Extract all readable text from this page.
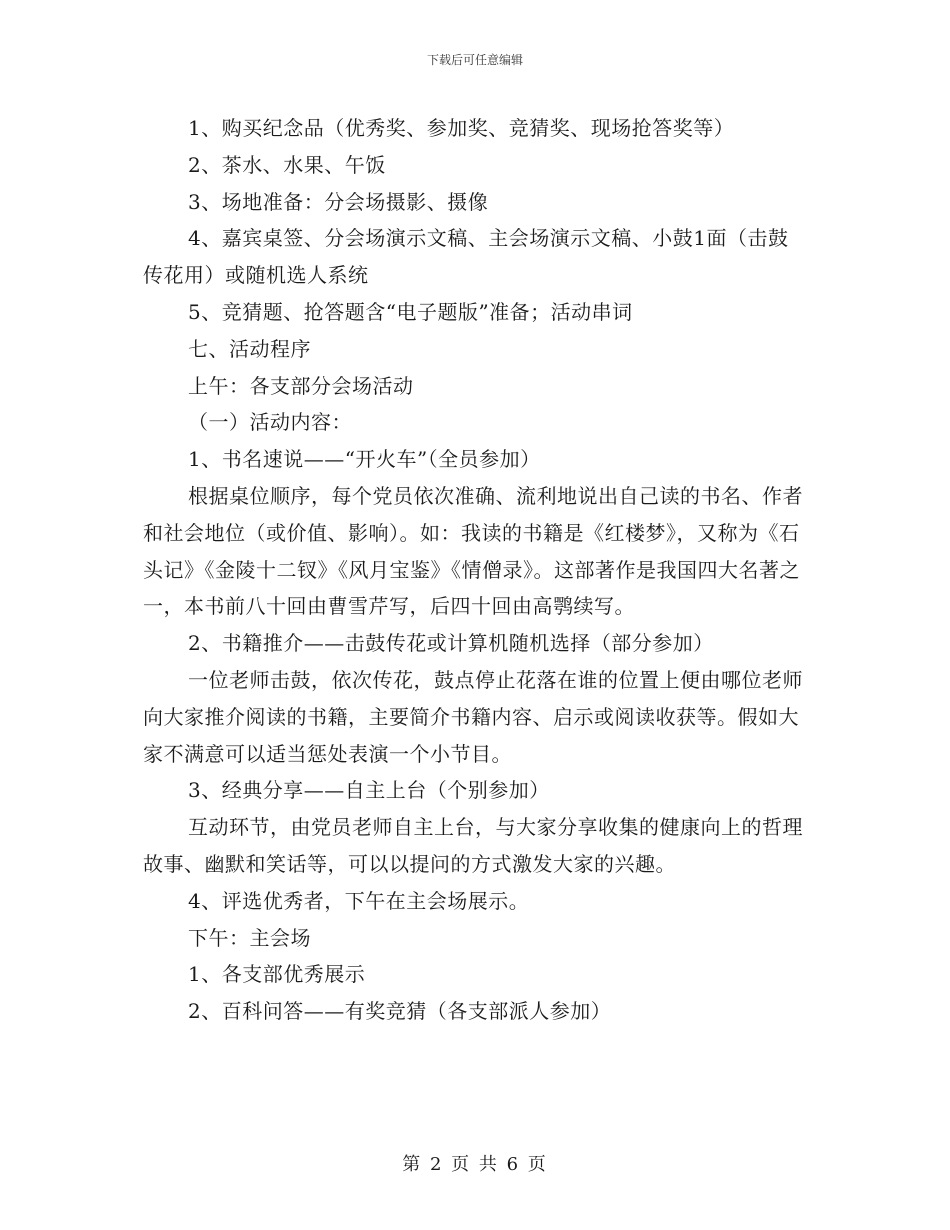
下载后可任意编辑

1、购买纪念品（优秀奖、参加奖、竞猜奖、现场抢答奖等）

2、茶水、水果、午饭

3、场地准备：分会场摄影、摄像

4、嘉宾桌签、分会场演示文稿、主会场演示文稿、小鼓1面（击鼓传花用）或随机选人系统

5、竞猜题、抢答题含“电子题版”准备；活动串词

七、活动程序

上午：各支部分会场活动

（一）活动内容：

1、书名速说——“开火车”（全员参加）

根据桌位顺序，每个党员依次准确、流利地说出自己读的书名、作者和社会地位（或价值、影响）。如：我读的书籍是《红楼梦》，又称为《石头记》《金陵十二钗》《风月宝鉴》《情僧录》。这部著作是我国四大名著之一，本书前八十回由曹雪芹写，后四十回由高鹗续写。

2、书籍推介——击鼓传花或计算机随机选择（部分参加）

一位老师击鼓，依次传花，鼓点停止花落在谁的位置上便由哪位老师向大家推介阅读的书籍，主要简介书籍内容、启示或阅读收获等。假如大家不满意可以适当惩处表演一个小节目。

3、经典分享——自主上台（个别参加）

互动环节，由党员老师自主上台，与大家分享收集的健康向上的哲理故事、幽默和笑话等，可以以提问的方式激发大家的兴趣。

4、评选优秀者，下午在主会场展示。

下午：主会场

1、各支部优秀展示

2、百科问答——有奖竞猜（各支部派人参加）

第 2 页 共 6 页
